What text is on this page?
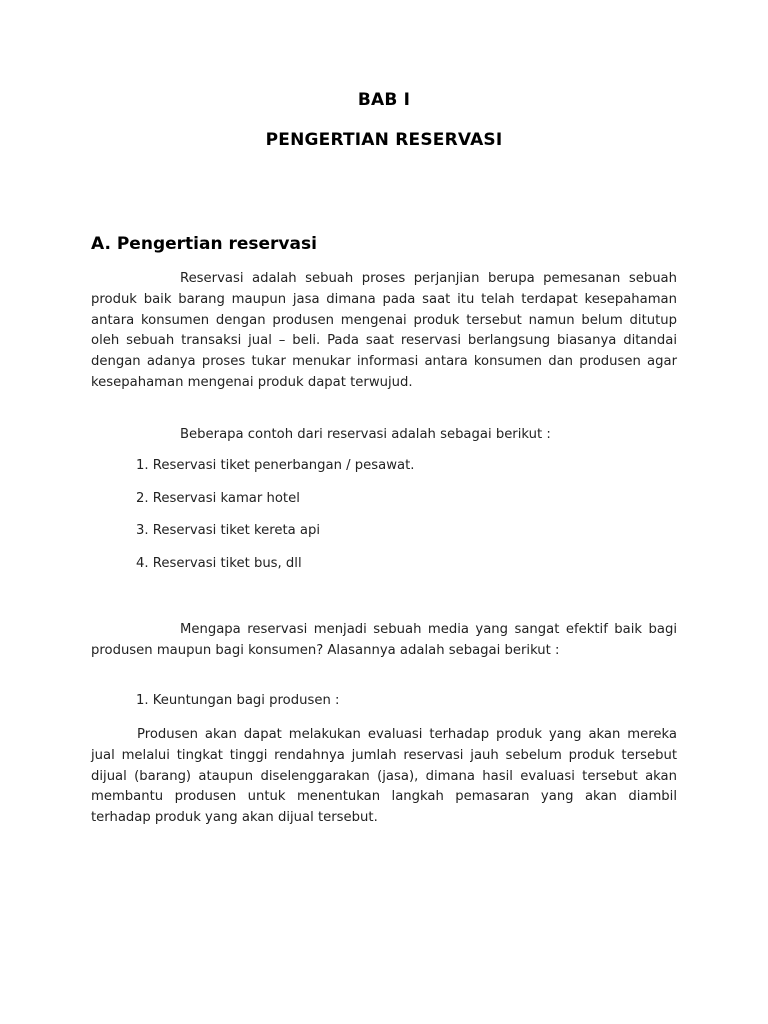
BAB I
PENGERTIAN RESERVASI
A. Pengertian reservasi

Reservasi adalah sebuah proses perjanjian berupa pemesanan sebuah produk baik barang maupun jasa dimana pada saat itu telah terdapat kesepahaman antara konsumen dengan produsen mengenai produk tersebut namun belum ditutup oleh sebuah transaksi jual – beli. Pada saat reservasi berlangsung biasanya ditandai dengan adanya proses tukar menukar informasi antara konsumen dan produsen agar kesepahaman mengenai produk dapat terwujud.

Beberapa contoh dari reservasi adalah sebagai berikut :

1. Reservasi tiket penerbangan / pesawat.
2. Reservasi kamar hotel
3. Reservasi tiket kereta api
4. Reservasi tiket bus, dll

Mengapa reservasi menjadi sebuah media yang sangat efektif baik bagi produsen maupun bagi konsumen? Alasannya adalah sebagai berikut :

1. Keuntungan bagi produsen :

Produsen akan dapat melakukan evaluasi terhadap produk yang akan mereka jual melalui tingkat tinggi rendahnya jumlah reservasi jauh sebelum produk tersebut dijual (barang) ataupun diselenggarakan (jasa), dimana hasil evaluasi tersebut akan membantu produsen untuk menentukan langkah pemasaran yang akan diambil terhadap produk yang akan dijual tersebut.
